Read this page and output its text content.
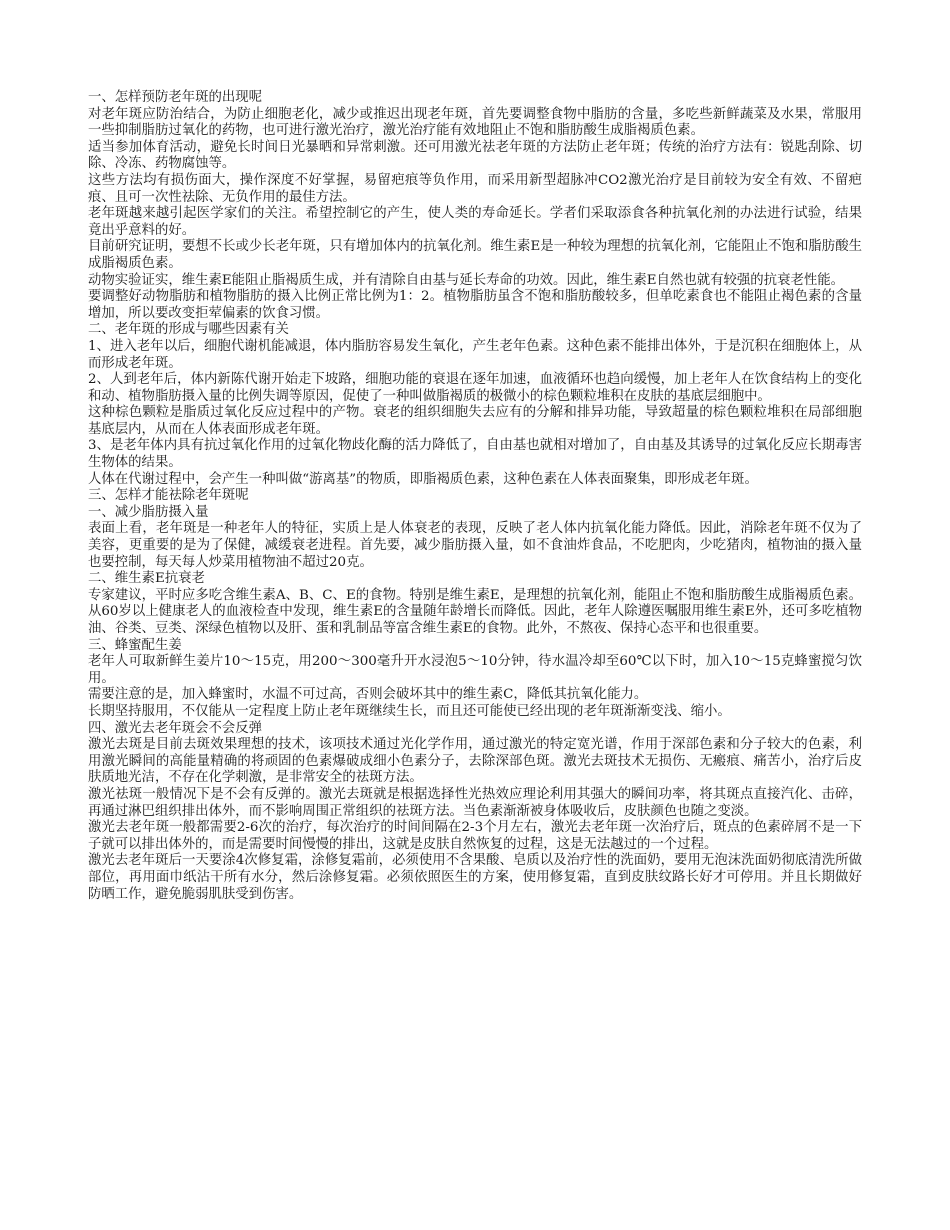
一、怎样预防老年斑的出现呢

对老年斑应防治结合，为防止细胞老化，减少或推迟出现老年斑，首先要调整食物中脂肪的含量，多吃些新鲜蔬菜及水果，常服用一些抑制脂肪过氧化的药物，也可进行激光治疗，激光治疗能有效地阻止不饱和脂肪酸生成脂褐质色素。

适当参加体育活动，避免长时间日光暴晒和异常刺激。还可用激光祛老年斑的方法防止老年斑；传统的治疗方法有：锐匙刮除、切除、冷冻、药物腐蚀等。

这些方法均有损伤面大，操作深度不好掌握，易留疤痕等负作用，而采用新型超脉冲CO2激光治疗是目前较为安全有效、不留疤痕、且可一次性祛除、无负作用的最佳方法。

老年斑越来越引起医学家们的关注。希望控制它的产生，使人类的寿命延长。学者们采取添食各种抗氧化剂的办法进行试验，结果竟出乎意料的好。

目前研究证明，要想不长或少长老年斑，只有增加体内的抗氧化剂。维生素E是一种较为理想的抗氧化剂，它能阻止不饱和脂肪酸生成脂褐质色素。

动物实验证实，维生素E能阻止脂褐质生成，并有清除自由基与延长寿命的功效。因此，维生素E自然也就有较强的抗衰老性能。

要调整好动物脂肪和植物脂肪的摄入比例正常比例为1：2。植物脂肪虽含不饱和脂肪酸较多，但单吃素食也不能阻止褐色素的含量增加，所以要改变拒荤偏素的饮食习惯。

二、老年斑的形成与哪些因素有关

1、进入老年以后，细胞代谢机能减退，体内脂肪容易发生氧化，产生老年色素。这种色素不能排出体外，于是沉积在细胞体上，从而形成老年斑。

2、人到老年后，体内新陈代谢开始走下坡路，细胞功能的衰退在逐年加速，血液循环也趋向缓慢，加上老年人在饮食结构上的变化和动、植物脂肪摄入量的比例失调等原因，促使了一种叫做脂褐质的极微小的棕色颗粒堆积在皮肤的基底层细胞中。

这种棕色颗粒是脂质过氧化反应过程中的产物。衰老的组织细胞失去应有的分解和排异功能，导致超量的棕色颗粒堆积在局部细胞基底层内，从而在人体表面形成老年斑。

3、是老年体内具有抗过氧化作用的过氧化物歧化酶的活力降低了，自由基也就相对增加了，自由基及其诱导的过氧化反应长期毒害生物体的结果。

人体在代谢过程中，会产生一种叫做“游离基”的物质，即脂褐质色素，这种色素在人体表面聚集，即形成老年斑。

三、怎样才能祛除老年斑呢

一、减少脂肪摄入量

表面上看，老年斑是一种老年人的特征，实质上是人体衰老的表现，反映了老人体内抗氧化能力降低。因此，消除老年斑不仅为了美容，更重要的是为了保健，减缓衰老进程。首先要，减少脂肪摄入量，如不食油炸食品，不吃肥肉，少吃猪肉，植物油的摄入量也要控制，每天每人炒菜用植物油不超过20克。

二、维生素E抗衰老

专家建议，平时应多吃含维生素A、B、C、E的食物。特别是维生素E，是理想的抗氧化剂，能阻止不饱和脂肪酸生成脂褐质色素。从60岁以上健康老人的血液检查中发现，维生素E的含量随年龄增长而降低。因此，老年人除遵医嘱服用维生素E外，还可多吃植物油、谷类、豆类、深绿色植物以及肝、蛋和乳制品等富含维生素E的食物。此外，不熬夜、保持心态平和也很重要。

三、蜂蜜配生姜

老年人可取新鲜生姜片10～15克，用200～300毫升开水浸泡5～10分钟，待水温冷却至60℃以下时，加入10～15克蜂蜜搅匀饮用。

需要注意的是，加入蜂蜜时，水温不可过高，否则会破坏其中的维生素C，降低其抗氧化能力。

长期坚持服用，不仅能从一定程度上防止老年斑继续生长，而且还可能使已经出现的老年斑渐渐变浅、缩小。

四、激光去老年斑会不会反弹

激光去斑是目前去斑效果理想的技术，该项技术通过光化学作用，通过激光的特定宽光谱，作用于深部色素和分子较大的色素，利用激光瞬间的高能量精确的将顽固的色素爆破成细小色素分子，去除深部色斑。激光去斑技术无损伤、无瘢痕、痛苦小，治疗后皮肤质地光洁，不存在化学刺激，是非常安全的祛斑方法。

激光祛斑一般情况下是不会有反弹的。激光去斑就是根据选择性光热效应理论利用其强大的瞬间功率，将其斑点直接汽化、击碎，再通过淋巴组织排出体外，而不影响周围正常组织的祛斑方法。当色素渐渐被身体吸收后，皮肤颜色也随之变淡。

激光去老年斑一般都需要2-6次的治疗，每次治疗的时间间隔在2-3个月左右，激光去老年斑一次治疗后，斑点的色素碎屑不是一下子就可以排出体外的，而是需要时间慢慢的排出，这就是皮肤自然恢复的过程，这是无法越过的一个过程。

激光去老年斑后一天要涂4次修复霜，涂修复霜前，必须使用不含果酸、皂质以及治疗性的洗面奶，要用无泡沫洗面奶彻底清洗所做部位，再用面巾纸沾干所有水分，然后涂修复霜。必须依照医生的方案，使用修复霜，直到皮肤纹路长好才可停用。并且长期做好防晒工作，避免脆弱肌肤受到伤害。
